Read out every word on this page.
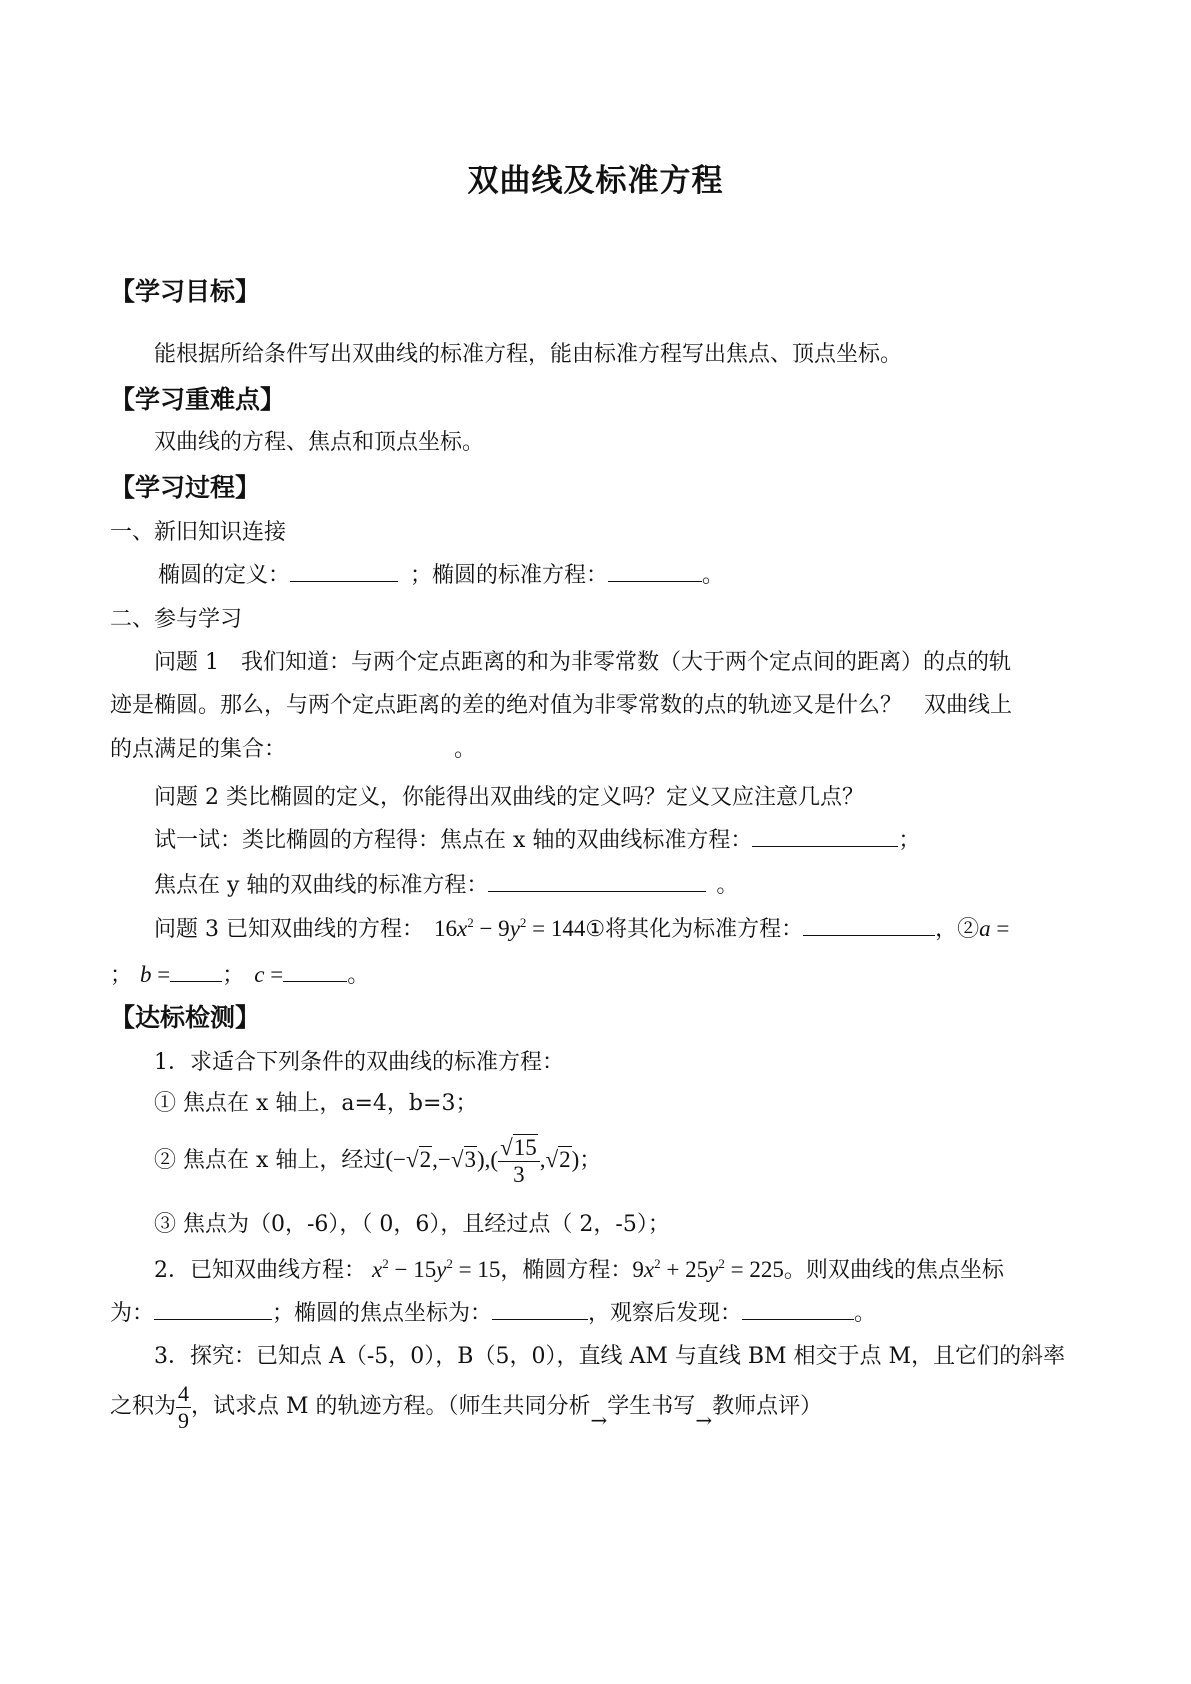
双曲线及标准方程
【学习目标】
能根据所给条件写出双曲线的标准方程，能由标准方程写出焦点、顶点坐标。
【学习重难点】
双曲线的方程、焦点和顶点坐标。
【学习过程】
一、新旧知识连接
椭圆的定义：	；椭圆的标准方程：	。
二、参与学习
问题 1　我们知道：与两个定点距离的和为非零常数（大于两个定点间的距离）的点的轨
迹是椭圆。那么，与两个定点距离的差的绝对值为非零常数的点的轨迹又是什么？　双曲线上
的点满足的集合：	。
问题 2 类比椭圆的定义，你能得出双曲线的定义吗？定义又应注意几点？
试一试：类比椭圆的方程得：焦点在 x 轴的双曲线标准方程：	；
焦点在 y 轴的双曲线的标准方程：	。
问题 3 已知双曲线的方程： $16x^2 - 9y^2$ = 144①将其化为标准方程：	，②a =
； b = ； c =	。
【达标检测】
1．求适合下列条件的双曲线的标准方程：
① 焦点在 x 轴上，a=4，b=3；
② 焦点在 x 轴上，经过$(-√2,-√3),( \frac{√15}{3} ,√2)$；
③ 焦点为（0，-6），（ 0，6），且经过点（ 2，-5）；
2．已知双曲线方程： $x^2 - 15y^2 = 15$，椭圆方程：$9x^2 + 25y^2 = 225$。则双曲线的焦点坐标
为：	；椭圆的焦点坐标为：	，观察后发现：	。
3．探究：已知点 A（-5，0），B（5，0），直线 AM 与直线 BM 相交于点 M，且它们的斜率
之积为 $\frac{4}{9}$ ，试求点 M 的轨迹方程。（师生共同分析→学生书写→教师点评）
